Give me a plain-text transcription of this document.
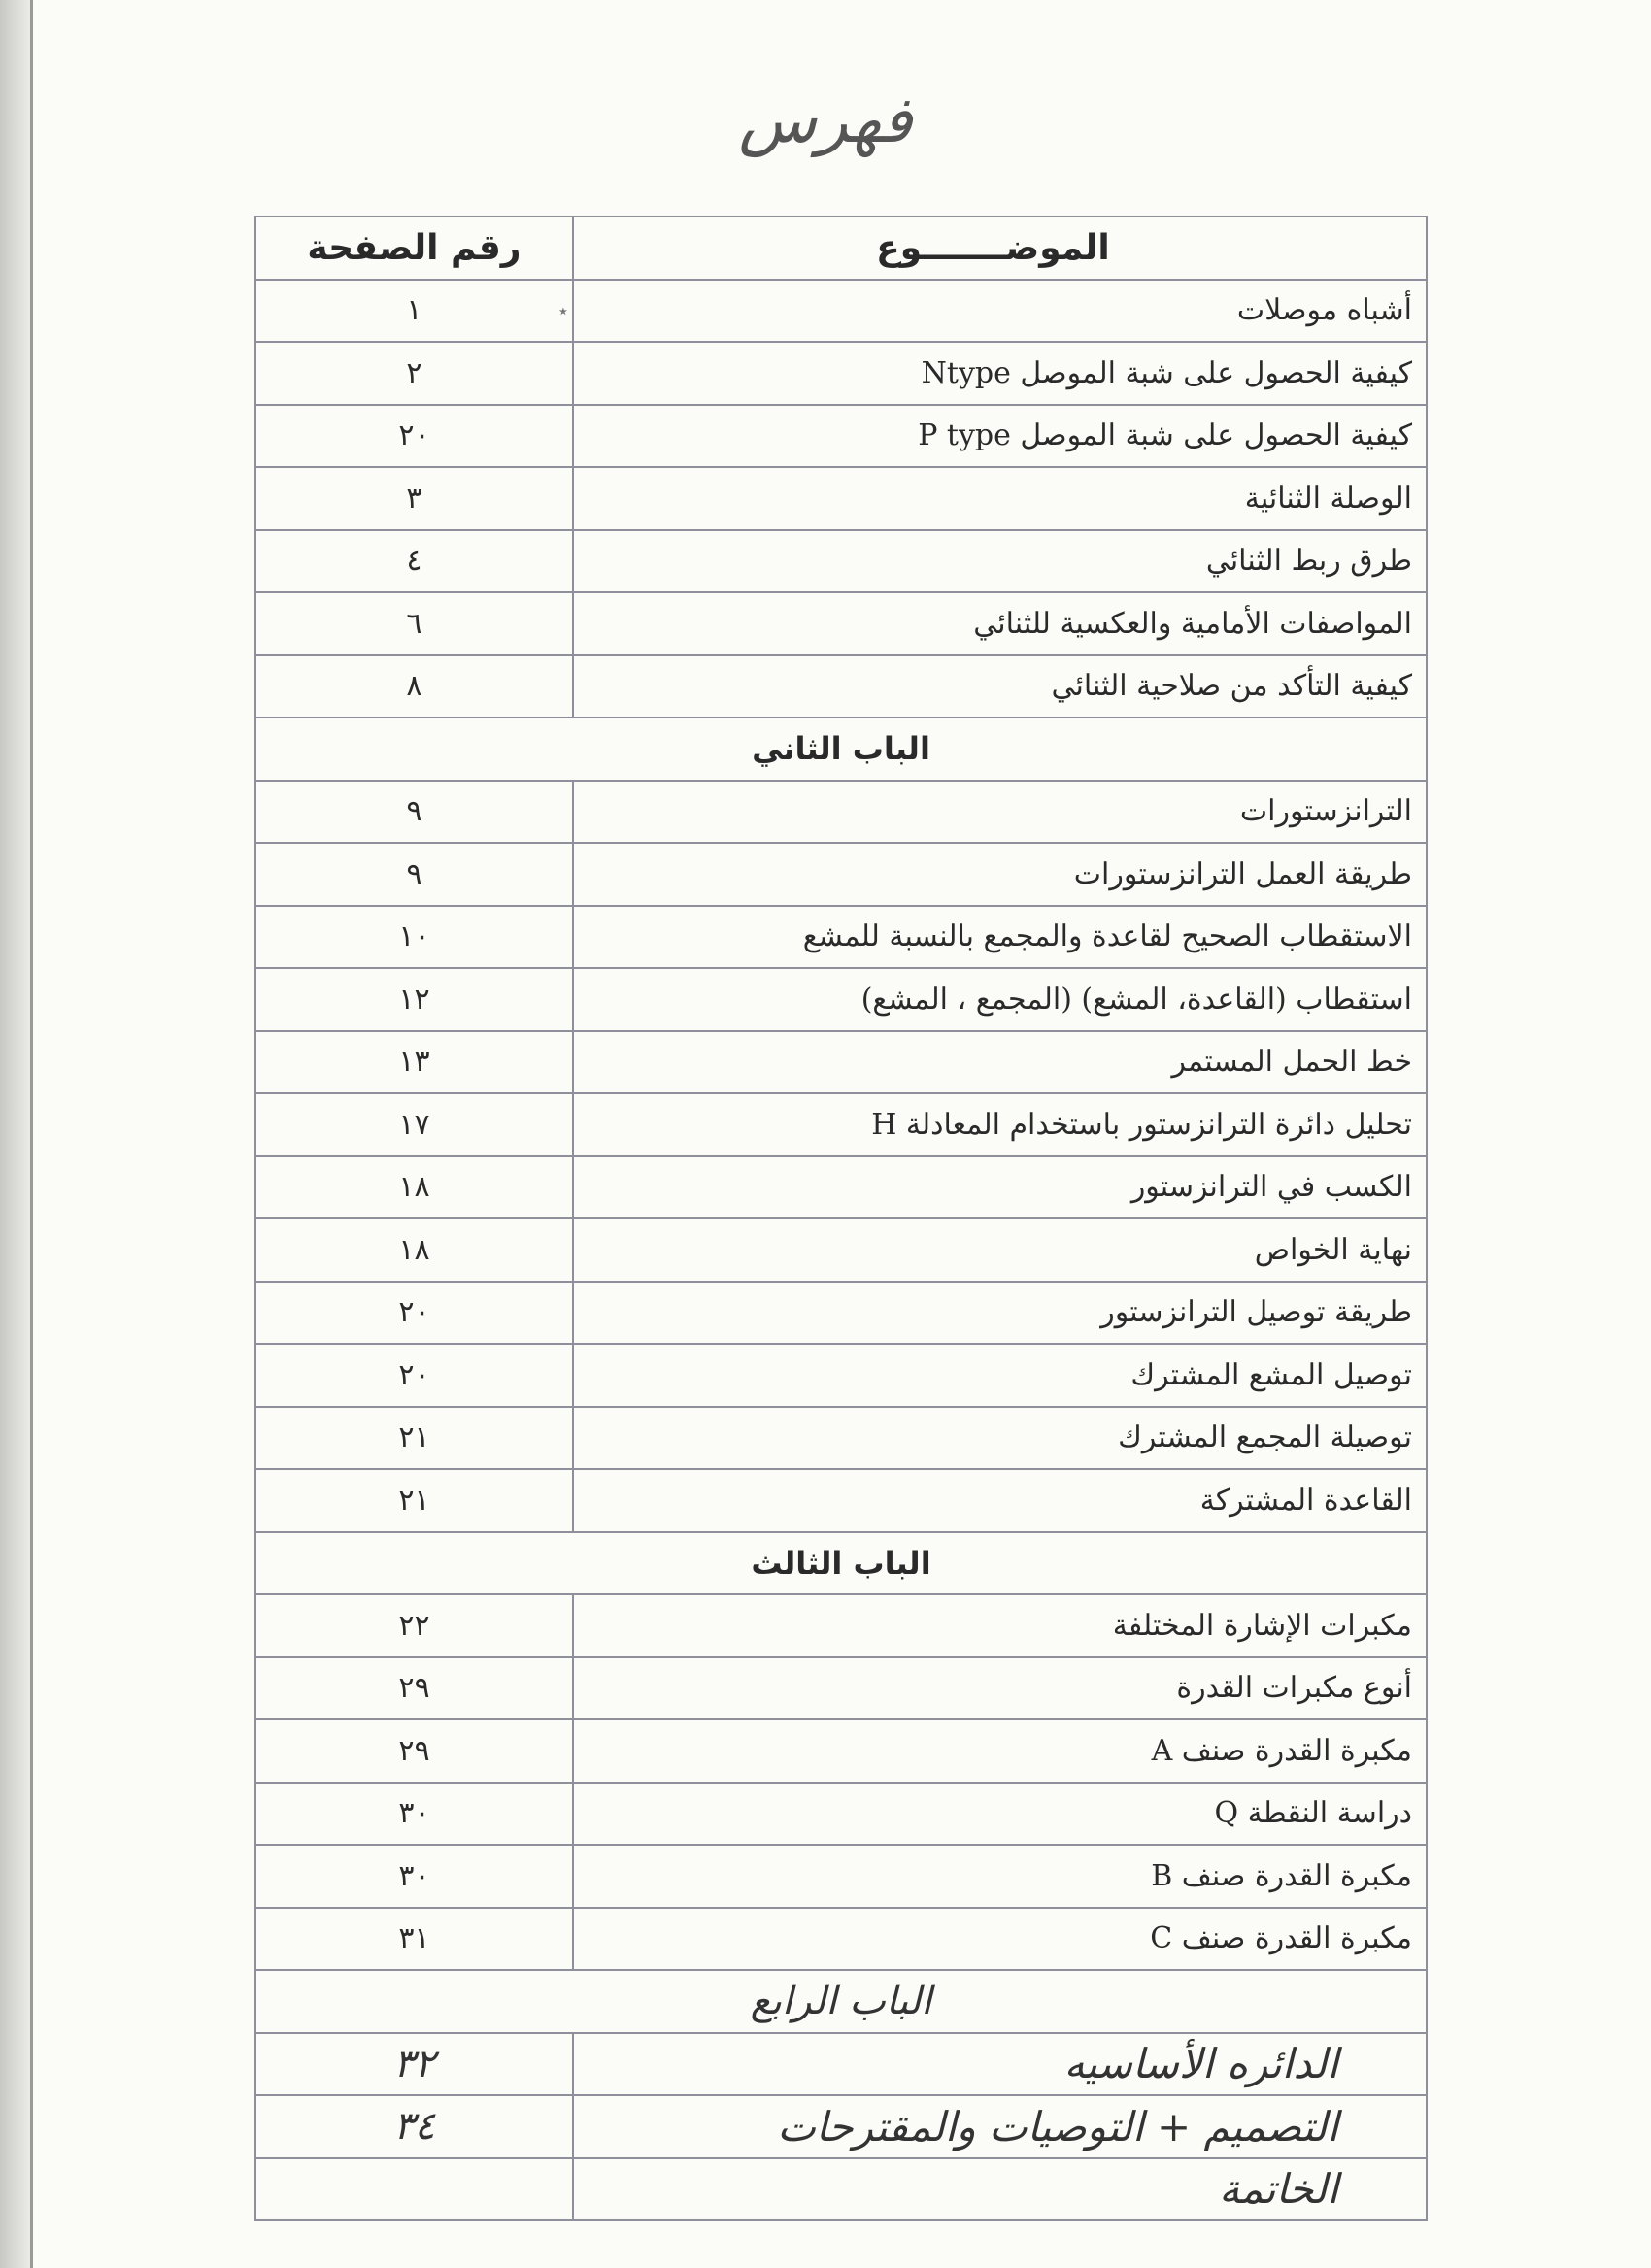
فهرس
الموضـــــــوع	رقم الصفحة
أشباه موصلات	١
كيفية الحصول على شبة الموصل Ntype	٢
كيفية الحصول على شبة الموصل P type	٢٠
الوصلة الثنائية	٣
طرق ربط الثنائي	٤
المواصفات الأمامية والعكسية للثنائي	٦
كيفية التأكد من صلاحية الثنائي	٨
الباب الثاني	
الترانزستورات	٩
طريقة العمل الترانزستورات	٩
الاستقطاب الصحيح لقاعدة والمجمع بالنسبة للمشع	١٠
استقطاب (القاعدة، المشع) (المجمع ، المشع)	١٢
خط الحمل المستمر	١٣
تحليل دائرة الترانزستور باستخدام المعادلة H	١٧
الكسب في الترانزستور	١٨
نهاية الخواص	١٨
طريقة توصيل الترانزستور	٢٠
توصيل المشع المشترك	٢٠
توصيلة المجمع المشترك	٢١
القاعدة المشتركة	٢١
الباب الثالث	
مكبرات الإشارة المختلفة	٢٢
أنوع مكبرات القدرة	٢٩
مكبرة القدرة صنف A	٢٩
دراسة النقطة Q	٣٠
مكبرة القدرة صنف B	٣٠
مكبرة القدرة صنف C	٣١
الباب الرابع	
الدائره الأساسيه	٣٢
التصميم + التوصيات والمقترحات	٣٤
الخاتمة	
٭
